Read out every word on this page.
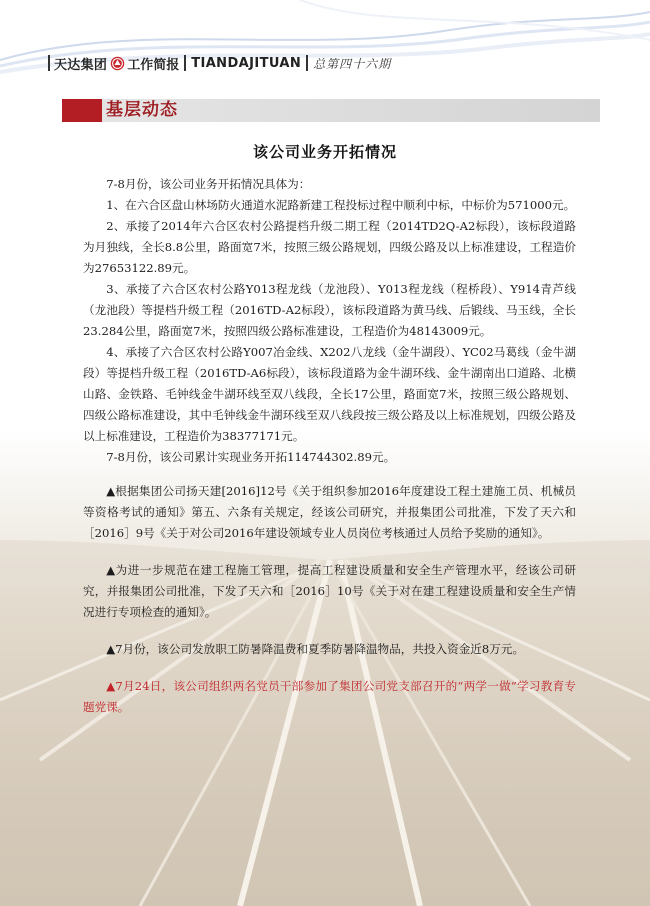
天达集团 工作简报 TIANDAJITUAN 总第四十六期
基层动态
该公司业务开拓情况

7-8月份，该公司业务开拓情况具体为：

1、在六合区盘山林场防火通道水泥路新建工程投标过程中顺利中标，中标价为571000元。

2、承接了2014年六合区农村公路提档升级二期工程（2014TD2Q-A2标段），该标段道路为月独线，全长8.8公里，路面宽7米，按照三级公路规划，四级公路及以上标准建设，工程造价为27653122.89元。

3、承接了六合区农村公路Y013程龙线（龙池段）、Y013程龙线（程桥段）、Y914青芦线（龙池段）等提档升级工程（2016TD-A2标段），该标段道路为黄马线、后锻线、马玉线，全长23.284公里，路面宽7米，按照四级公路标准建设，工程造价为48143009元。

4、承接了六合区农村公路Y007冶金线、X202八龙线（金牛湖段）、YC02马葛线（金牛湖段）等提档升级工程（2016TD-A6标段），该标段道路为金牛湖环线、金牛湖南出口道路、北横山路、金铁路、毛钟线金牛湖环线至双八线段，全长17公里，路面宽7米，按照三级公路规划、四级公路标准建设，其中毛钟线金牛湖环线至双八线段按三级公路及以上标准规划，四级公路及以上标准建设，工程造价为38377171元。

7-8月份，该公司累计实现业务开拓114744302.89元。

▲根据集团公司扬天建[2016]12号《关于组织参加2016年度建设工程土建施工员、机械员等资格考试的通知》第五、六条有关规定，经该公司研究，并报集团公司批准，下发了天六和［2016］9号《关于对公司2016年建设领域专业人员岗位考核通过人员给予奖励的通知》。

▲为进一步规范在建工程施工管理，提高工程建设质量和安全生产管理水平，经该公司研究，并报集团公司批准，下发了天六和［2016］10号《关于对在建工程建设质量和安全生产情况进行专项检查的通知》。

▲7月份，该公司发放职工防暑降温费和夏季防暑降温物品，共投入资金近8万元。

▲7月24日，该公司组织两名党员干部参加了集团公司党支部召开的“两学一做”学习教育专题党课。
